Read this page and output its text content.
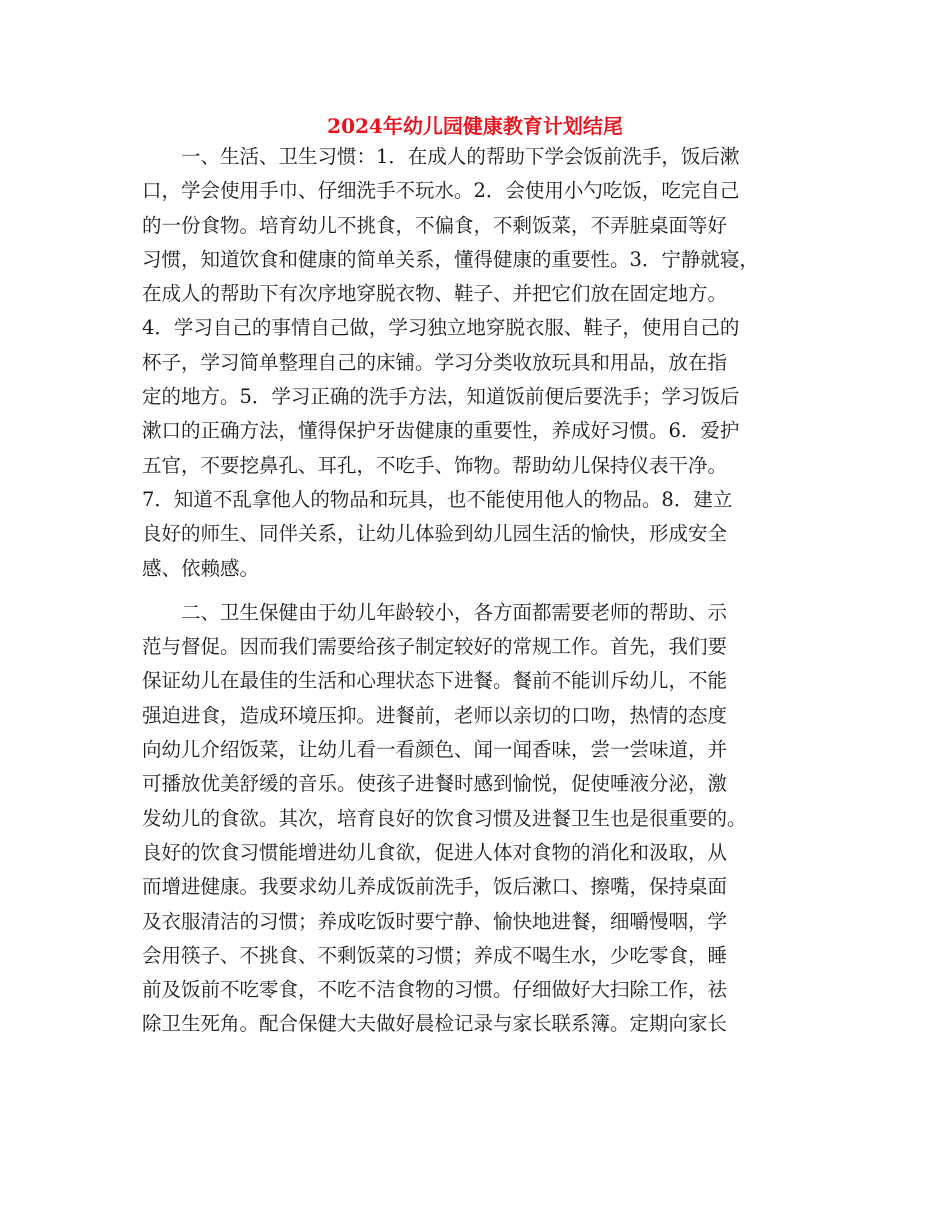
2024年幼儿园健康教育计划结尾
　　一、生活、卫生习惯：1．在成人的帮助下学会饭前洗手，饭后漱
口，学会使用手巾、仔细洗手不玩水。2．会使用小勺吃饭，吃完自己
的一份食物。培育幼儿不挑食，不偏食，不剩饭菜，不弄脏桌面等好
习惯，知道饮食和健康的简单关系，懂得健康的重要性。3．宁静就寝，
在成人的帮助下有次序地穿脱衣物、鞋子、并把它们放在固定地方。
4．学习自己的事情自己做，学习独立地穿脱衣服、鞋子，使用自己的
杯子，学习简单整理自己的床铺。学习分类收放玩具和用品，放在指
定的地方。5．学习正确的洗手方法，知道饭前便后要洗手；学习饭后
漱口的正确方法，懂得保护牙齿健康的重要性，养成好习惯。6．爱护
五官，不要挖鼻孔、耳孔，不吃手、饰物。帮助幼儿保持仪表干净。
7．知道不乱拿他人的物品和玩具，也不能使用他人的物品。8．建立
良好的师生、同伴关系，让幼儿体验到幼儿园生活的愉快，形成安全
感、依赖感。
　　二、卫生保健由于幼儿年龄较小，各方面都需要老师的帮助、示
范与督促。因而我们需要给孩子制定较好的常规工作。首先，我们要
保证幼儿在最佳的生活和心理状态下进餐。餐前不能训斥幼儿，不能
强迫进食，造成环境压抑。进餐前，老师以亲切的口吻，热情的态度
向幼儿介绍饭菜，让幼儿看一看颜色、闻一闻香味，尝一尝味道，并
可播放优美舒缓的音乐。使孩子进餐时感到愉悦，促使唾液分泌，激
发幼儿的食欲。其次，培育良好的饮食习惯及进餐卫生也是很重要的。
良好的饮食习惯能增进幼儿食欲，促进人体对食物的消化和汲取，从
而增进健康。我要求幼儿养成饭前洗手，饭后漱口、擦嘴，保持桌面
及衣服清洁的习惯；养成吃饭时要宁静、愉快地进餐，细嚼慢咽，学
会用筷子、不挑食、不剩饭菜的习惯；养成不喝生水，少吃零食，睡
前及饭前不吃零食，不吃不洁食物的习惯。仔细做好大扫除工作，祛
除卫生死角。配合保健大夫做好晨检记录与家长联系簿。定期向家长
